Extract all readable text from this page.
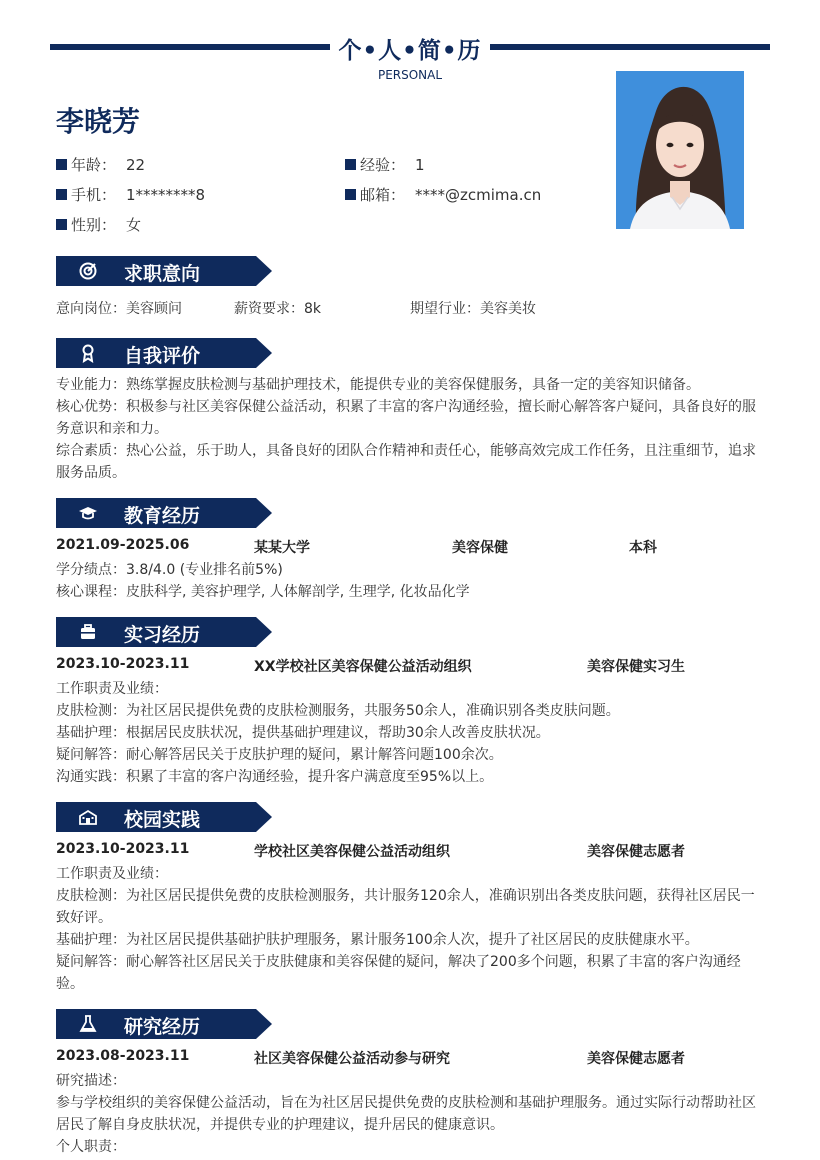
个•人•简•历
PERSONAL
李晓芳
年龄： 22	经验： 1
手机： 1********8	邮箱： ****@zcmima.cn
性别： 女
求职意向
意向岗位：美容顾问	薪资要求：8k	期望行业：美容美妆
自我评价
专业能力：熟练掌握皮肤检测与基础护理技术，能提供专业的美容保健服务，具备一定的美容知识储备。
核心优势：积极参与社区美容保健公益活动，积累了丰富的客户沟通经验，擅长耐心解答客户疑问，具备良好的服务意识和亲和力。
综合素质：热心公益，乐于助人，具备良好的团队合作精神和责任心，能够高效完成工作任务，且注重细节，追求服务品质。
教育经历
2021.09-2025.06	某某大学	美容保健	本科
学分绩点：3.8/4.0 (专业排名前5%)
核心课程：皮肤科学, 美容护理学, 人体解剖学, 生理学, 化妆品化学
实习经历
2023.10-2023.11	XX学校社区美容保健公益活动组织	美容保健实习生
工作职责及业绩：
皮肤检测：为社区居民提供免费的皮肤检测服务，共服务50余人，准确识别各类皮肤问题。
基础护理：根据居民皮肤状况，提供基础护理建议，帮助30余人改善皮肤状况。
疑问解答：耐心解答居民关于皮肤护理的疑问，累计解答问题100余次。
沟通实践：积累了丰富的客户沟通经验，提升客户满意度至95%以上。
校园实践
2023.10-2023.11	学校社区美容保健公益活动组织	美容保健志愿者
工作职责及业绩：
皮肤检测：为社区居民提供免费的皮肤检测服务，共计服务120余人，准确识别出各类皮肤问题，获得社区居民一致好评。
基础护理：为社区居民提供基础护肤护理服务，累计服务100余人次，提升了社区居民的皮肤健康水平。
疑问解答：耐心解答社区居民关于皮肤健康和美容保健的疑问，解决了200多个问题，积累了丰富的客户沟通经验。
研究经历
2023.08-2023.11	社区美容保健公益活动参与研究	美容保健志愿者
研究描述：
参与学校组织的美容保健公益活动，旨在为社区居民提供免费的皮肤检测和基础护理服务。通过实际行动帮助社区居民了解自身皮肤状况，并提供专业的护理建议，提升居民的健康意识。
个人职责：
